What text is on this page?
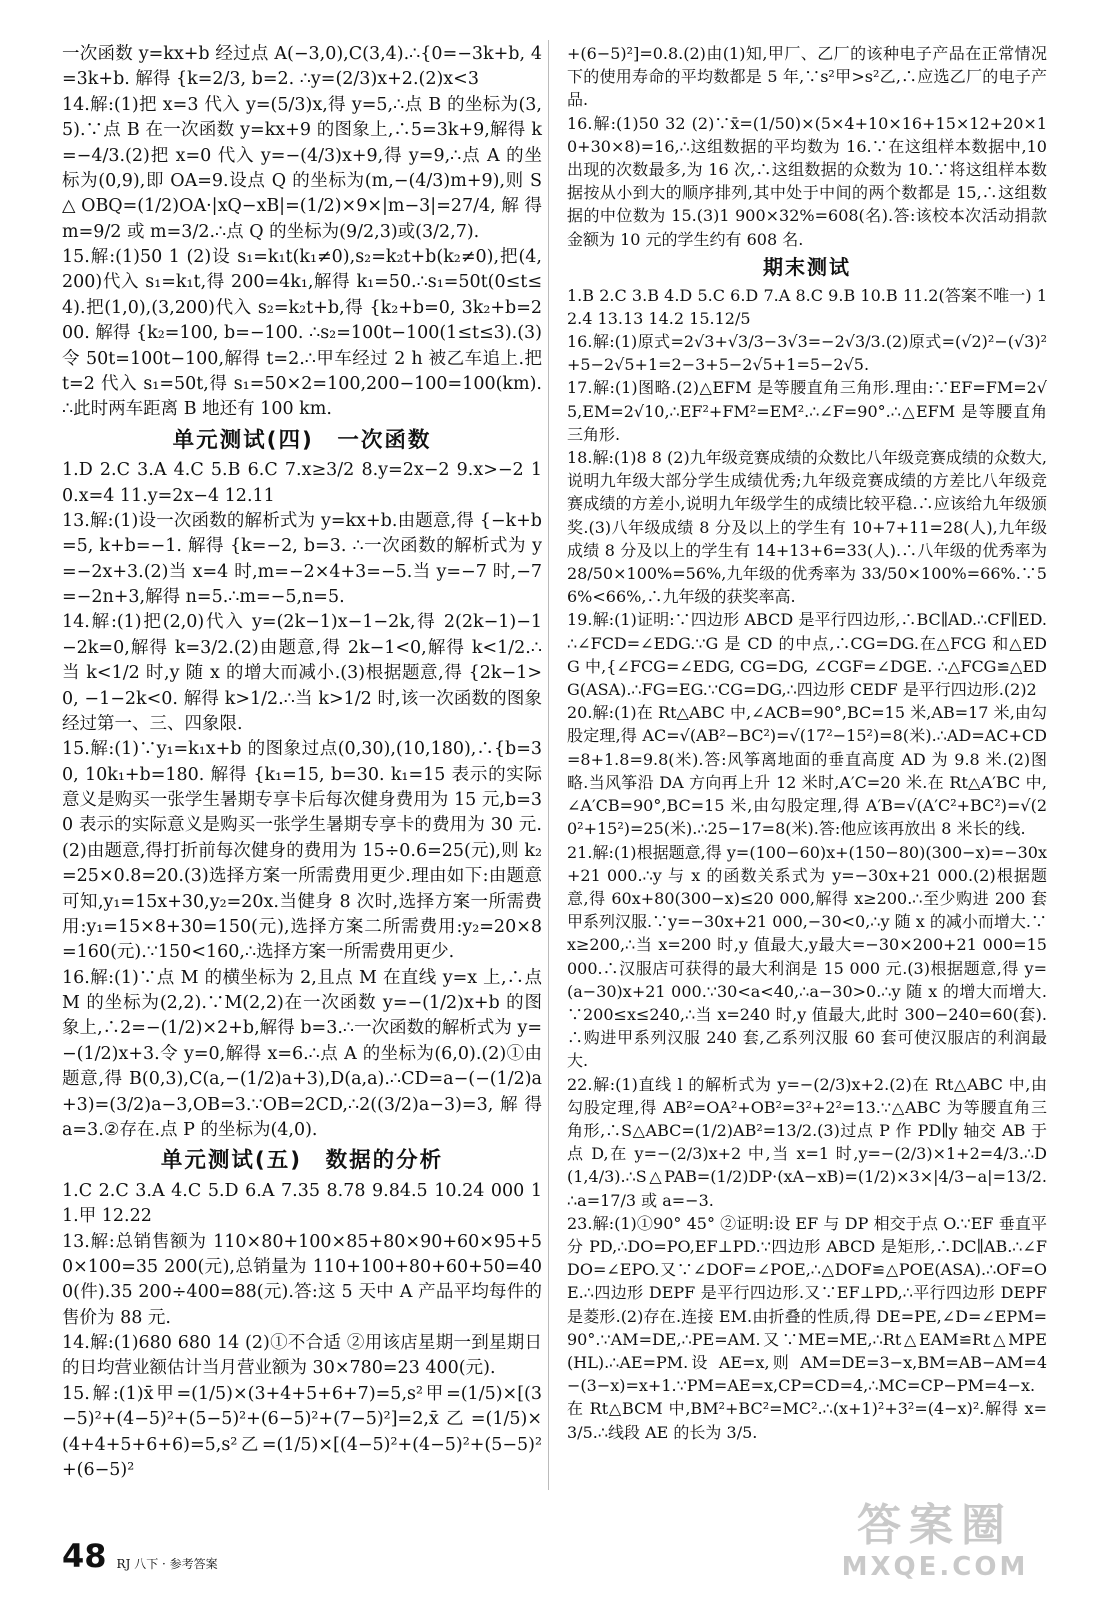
一次函数 y=kx+b 经过点 A(−3,0),C(3,4).∴{0=−3k+b, 4=3k+b. 解得 {k=2/3, b=2. ∴y=(2/3)x+2.(2)x<3

14.解:(1)把 x=3 代入 y=(5/3)x,得 y=5,∴点 B 的坐标为(3,5).∵点 B 在一次函数 y=kx+9 的图象上,∴5=3k+9,解得 k=−4/3.(2)把 x=0 代入 y=−(4/3)x+9,得 y=9,∴点 A 的坐标为(0,9),即 OA=9.设点 Q 的坐标为(m,−(4/3)m+9),则 S△OBQ=(1/2)OA·|xQ−xB|=(1/2)×9×|m−3|=27/4,解得 m=9/2 或 m=3/2.∴点 Q 的坐标为(9/2,3)或(3/2,7).

15.解:(1)50 1 (2)设 s₁=k₁t(k₁≠0),s₂=k₂t+b(k₂≠0),把(4,200)代入 s₁=k₁t,得 200=4k₁,解得 k₁=50.∴s₁=50t(0≤t≤4).把(1,0),(3,200)代入 s₂=k₂t+b,得 {k₂+b=0, 3k₂+b=200. 解得 {k₂=100, b=−100. ∴s₂=100t−100(1≤t≤3).(3)令 50t=100t−100,解得 t=2.∴甲车经过 2 h 被乙车追上.把 t=2 代入 s₁=50t,得 s₁=50×2=100,200−100=100(km).∴此时两车距离 B 地还有 100 km.

单元测试(四)　一次函数

1.D 2.C 3.A 4.C 5.B 6.C 7.x≥3/2 8.y=2x−2 9.x>−2 10.x=4 11.y=2x−4 12.11

13.解:(1)设一次函数的解析式为 y=kx+b.由题意,得 {−k+b=5, k+b=−1. 解得 {k=−2, b=3. ∴一次函数的解析式为 y=−2x+3.(2)当 x=4 时,m=−2×4+3=−5.当 y=−7 时,−7=−2n+3,解得 n=5.∴m=−5,n=5.

14.解:(1)把(2,0)代入 y=(2k−1)x−1−2k,得 2(2k−1)−1−2k=0,解得 k=3/2.(2)由题意,得 2k−1<0,解得 k<1/2.∴当 k<1/2 时,y 随 x 的增大而减小.(3)根据题意,得 {2k−1>0, −1−2k<0. 解得 k>1/2.∴当 k>1/2 时,该一次函数的图象经过第一、三、四象限.

15.解:(1)∵y₁=k₁x+b 的图象过点(0,30),(10,180),∴{b=30, 10k₁+b=180. 解得 {k₁=15, b=30. k₁=15 表示的实际意义是购买一张学生暑期专享卡后每次健身费用为 15 元,b=30 表示的实际意义是购买一张学生暑期专享卡的费用为 30 元.(2)由题意,得打折前每次健身的费用为 15÷0.6=25(元),则 k₂=25×0.8=20.(3)选择方案一所需费用更少.理由如下:由题意可知,y₁=15x+30,y₂=20x.当健身 8 次时,选择方案一所需费用:y₁=15×8+30=150(元),选择方案二所需费用:y₂=20×8=160(元).∵150<160,∴选择方案一所需费用更少.

16.解:(1)∵点 M 的横坐标为 2,且点 M 在直线 y=x 上,∴点 M 的坐标为(2,2).∵M(2,2)在一次函数 y=−(1/2)x+b 的图象上,∴2=−(1/2)×2+b,解得 b=3.∴一次函数的解析式为 y=−(1/2)x+3.令 y=0,解得 x=6.∴点 A 的坐标为(6,0).(2)①由题意,得 B(0,3),C(a,−(1/2)a+3),D(a,a).∴CD=a−(−(1/2)a+3)=(3/2)a−3,OB=3.∵OB=2CD,∴2((3/2)a−3)=3,解得 a=3.②存在.点 P 的坐标为(4,0).

单元测试(五)　数据的分析

1.C 2.C 3.A 4.C 5.D 6.A 7.35 8.78 9.84.5 10.24 000 11.甲 12.22

13.解:总销售额为 110×80+100×85+80×90+60×95+50×100=35 200(元),总销量为 110+100+80+60+50=400(件).35 200÷400=88(元).答:这 5 天中 A 产品平均每件的售价为 88 元.

14.解:(1)680 680 14 (2)①不合适 ②用该店星期一到星期日的日均营业额估计当月营业额为 30×780=23 400(元).

15.解:(1)x̄甲=(1/5)×(3+4+5+6+7)=5,s²甲=(1/5)×[(3−5)²+(4−5)²+(5−5)²+(6−5)²+(7−5)²]=2,x̄乙=(1/5)×(4+4+5+6+6)=5,s²乙=(1/5)×[(4−5)²+(4−5)²+(5−5)²+(6−5)²

+(6−5)²]=0.8.(2)由(1)知,甲厂、乙厂的该种电子产品在正常情况下的使用寿命的平均数都是 5 年,∵s²甲>s²乙,∴应选乙厂的电子产品.

16.解:(1)50 32 (2)∵x̄=(1/50)×(5×4+10×16+15×12+20×10+30×8)=16,∴这组数据的平均数为 16.∵在这组样本数据中,10 出现的次数最多,为 16 次,∴这组数据的众数为 10.∵将这组样本数据按从小到大的顺序排列,其中处于中间的两个数都是 15,∴这组数据的中位数为 15.(3)1 900×32%=608(名).答:该校本次活动捐款金额为 10 元的学生约有 608 名.

期末测试

1.B 2.C 3.B 4.D 5.C 6.D 7.A 8.C 9.B 10.B 11.2(答案不唯一) 12.4 13.13 14.2 15.12/5

16.解:(1)原式=2√3+√3/3−3√3=−2√3/3.(2)原式=(√2)²−(√3)²+5−2√5+1=2−3+5−2√5+1=5−2√5.

17.解:(1)图略.(2)△EFM 是等腰直角三角形.理由:∵EF=FM=2√5,EM=2√10,∴EF²+FM²=EM².∴∠F=90°.∴△EFM 是等腰直角三角形.

18.解:(1)8 8 (2)九年级竞赛成绩的众数比八年级竞赛成绩的众数大,说明九年级大部分学生成绩优秀;九年级竞赛成绩的方差比八年级竞赛成绩的方差小,说明九年级学生的成绩比较平稳.∴应该给九年级颁奖.(3)八年级成绩 8 分及以上的学生有 10+7+11=28(人),九年级成绩 8 分及以上的学生有 14+13+6=33(人).∴八年级的优秀率为 28/50×100%=56%,九年级的优秀率为 33/50×100%=66%.∵56%<66%,∴九年级的获奖率高.

19.解:(1)证明:∵四边形 ABCD 是平行四边形,∴BC∥AD.∴CF∥ED.∴∠FCD=∠EDG.∵G 是 CD 的中点,∴CG=DG.在△FCG 和△EDG 中,{∠FCG=∠EDG, CG=DG, ∠CGF=∠DGE. ∴△FCG≌△EDG(ASA).∴FG=EG.∵CG=DG,∴四边形 CEDF 是平行四边形.(2)2

20.解:(1)在 Rt△ABC 中,∠ACB=90°,BC=15 米,AB=17 米,由勾股定理,得 AC=√(AB²−BC²)=√(17²−15²)=8(米).∴AD=AC+CD=8+1.8=9.8(米).答:风筝离地面的垂直高度 AD 为 9.8 米.(2)图略.当风筝沿 DA 方向再上升 12 米时,A′C=20 米.在 Rt△A′BC 中,∠A′CB=90°,BC=15 米,由勾股定理,得 A′B=√(A′C²+BC²)=√(20²+15²)=25(米).∴25−17=8(米).答:他应该再放出 8 米长的线.

21.解:(1)根据题意,得 y=(100−60)x+(150−80)(300−x)=−30x+21 000.∴y 与 x 的函数关系式为 y=−30x+21 000.(2)根据题意,得 60x+80(300−x)≤20 000,解得 x≥200.∴至少购进 200 套甲系列汉服.∵y=−30x+21 000,−30<0,∴y 随 x 的减小而增大.∵x≥200,∴当 x=200 时,y 值最大,y最大=−30×200+21 000=15 000.∴汉服店可获得的最大利润是 15 000 元.(3)根据题意,得 y=(a−30)x+21 000.∵30<a<40,∴a−30>0.∴y 随 x 的增大而增大.∵200≤x≤240,∴当 x=240 时,y 值最大,此时 300−240=60(套).∴购进甲系列汉服 240 套,乙系列汉服 60 套可使汉服店的利润最大.

22.解:(1)直线 l 的解析式为 y=−(2/3)x+2.(2)在 Rt△ABC 中,由勾股定理,得 AB²=OA²+OB²=3²+2²=13.∵△ABC 为等腰直角三角形,∴S△ABC=(1/2)AB²=13/2.(3)过点 P 作 PD∥y 轴交 AB 于点 D,在 y=−(2/3)x+2 中,当 x=1 时,y=−(2/3)×1+2=4/3.∴D(1,4/3).∴S△PAB=(1/2)DP·(xA−xB)=(1/2)×3×|4/3−a|=13/2.∴a=17/3 或 a=−3.

23.解:(1)①90° 45° ②证明:设 EF 与 DP 相交于点 O.∵EF 垂直平分 PD,∴DO=PO,EF⊥PD.∵四边形 ABCD 是矩形,∴DC∥AB.∴∠FDO=∠EPO.又∵∠DOF=∠POE,∴△DOF≌△POE(ASA).∴OF=OE.∴四边形 DEPF 是平行四边形.又∵EF⊥PD,∴平行四边形 DEPF 是菱形.(2)存在.连接 EM.由折叠的性质,得 DE=PE,∠D=∠EPM=90°.∵AM=DE,∴PE=AM.又∵ME=ME,∴Rt△EAM≌Rt△MPE(HL).∴AE=PM.设 AE=x,则 AM=DE=3−x,BM=AB−AM=4−(3−x)=x+1.∵PM=AE=x,CP=CD=4,∴MC=CP−PM=4−x.在 Rt△BCM 中,BM²+BC²=MC².∴(x+1)²+3²=(4−x)².解得 x=3/5.∴线段 AE 的长为 3/5.

48 RJ 八下 · 参考答案
答案圈
MXQE.COM
